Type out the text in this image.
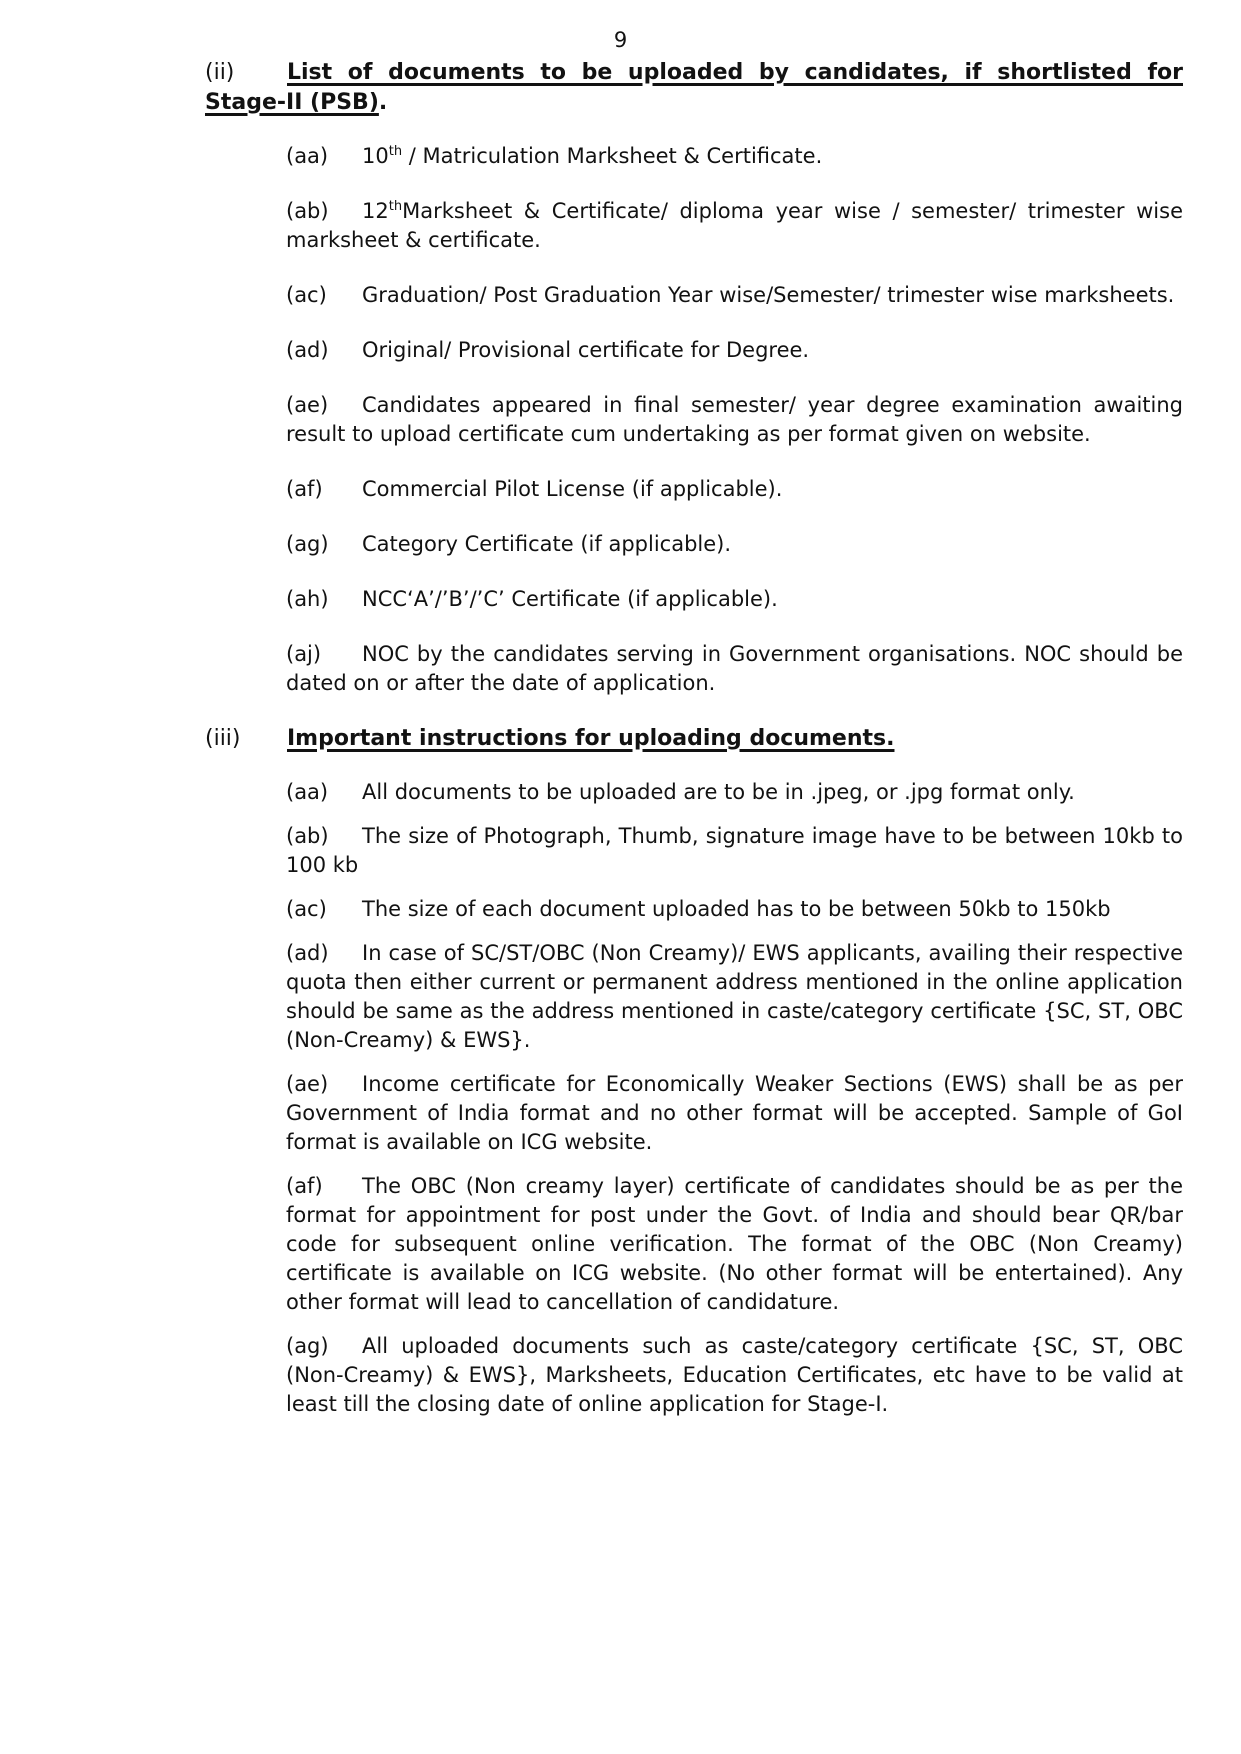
9

(ii) List of documents to be uploaded by candidates, if shortlisted for Stage-II (PSB).

(aa) 10th / Matriculation Marksheet & Certificate.

(ab) 12thMarksheet & Certificate/ diploma year wise / semester/ trimester wise marksheet & certificate.

(ac) Graduation/ Post Graduation Year wise/Semester/ trimester wise marksheets.

(ad) Original/ Provisional certificate for Degree.

(ae) Candidates appeared in final semester/ year degree examination awaiting result to upload certificate cum undertaking as per format given on website.

(af) Commercial Pilot License (if applicable).

(ag) Category Certificate (if applicable).

(ah) NCC‘A’/’B’/’C’ Certificate (if applicable).

(aj) NOC by the candidates serving in Government organisations. NOC should be dated on or after the date of application.

(iii) Important instructions for uploading documents.

(aa) All documents to be uploaded are to be in .jpeg, or .jpg format only.

(ab) The size of Photograph, Thumb, signature image have to be between 10kb to 100 kb

(ac) The size of each document uploaded has to be between 50kb to 150kb

(ad) In case of SC/ST/OBC (Non Creamy)/ EWS applicants, availing their respective quota then either current or permanent address mentioned in the online application should be same as the address mentioned in caste/category certificate {SC, ST, OBC (Non-Creamy) & EWS}.

(ae) Income certificate for Economically Weaker Sections (EWS) shall be as per Government of India format and no other format will be accepted. Sample of GoI format is available on ICG website.

(af) The OBC (Non creamy layer) certificate of candidates should be as per the format for appointment for post under the Govt. of India and should bear QR/bar code for subsequent online verification. The format of the OBC (Non Creamy) certificate is available on ICG website. (No other format will be entertained). Any other format will lead to cancellation of candidature.

(ag) All uploaded documents such as caste/category certificate {SC, ST, OBC (Non-Creamy) & EWS}, Marksheets, Education Certificates, etc have to be valid at least till the closing date of online application for Stage-I.
